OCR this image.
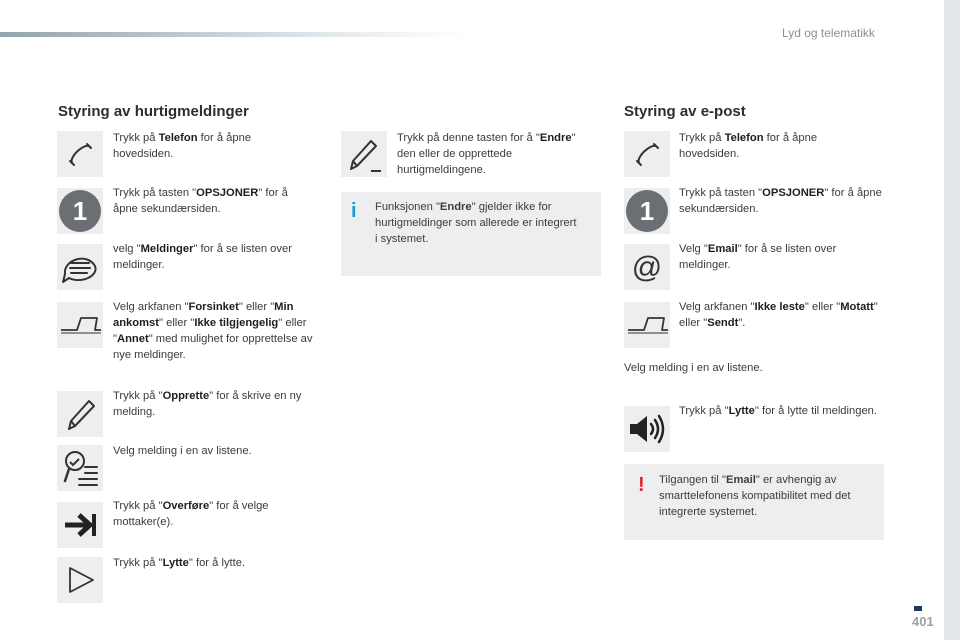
Lyd og telematikk
Styring av hurtigmeldinger	Styring av e-post
Trykk på Telefon for å åpne hovedsiden.
1
Trykk på tasten "OPSJONER" for å åpne sekundærsiden.
velg "Meldinger" for å se listen over meldinger.
Velg arkfanen "Forsinket" eller "Min ankomst" eller "Ikke tilgjengelig" eller "Annet" med mulighet for opprettelse av nye meldinger.
Trykk på "Opprette" for å skrive en ny melding.
Velg melding i en av listene.
Trykk på "Overføre" for å velge mottaker(e).
Trykk på "Lytte" for å lytte.
Trykk på denne tasten for å "Endre" den eller de opprettede hurtigmeldingene.
i Funksjonen "Endre" gjelder ikke for hurtigmeldinger som allerede er integrert i systemet.
Trykk på Telefon for å åpne hovedsiden.
1
Trykk på tasten "OPSJONER" for å åpne sekundærsiden.
@
Velg "Email" for å se listen over meldinger.
Velg arkfanen "Ikke leste" eller "Motatt" eller "Sendt".
Velg melding i en av listene.
Trykk på "Lytte" for å lytte til meldingen.
! Tilgangen til "Email" er avhengig av smarttelefonens kompatibilitet med det integrerte systemet.
401
